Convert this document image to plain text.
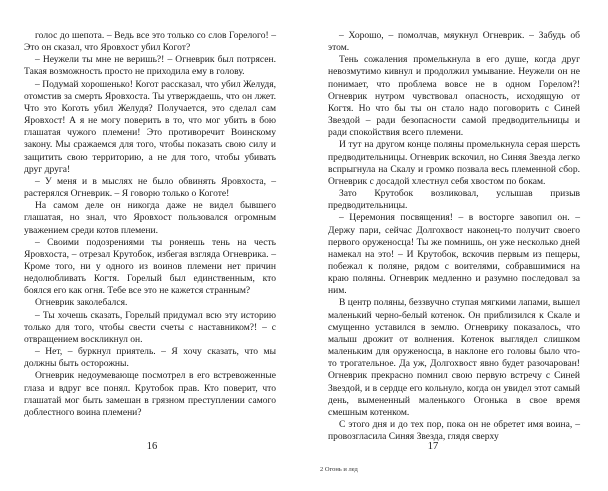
голос до шепота. – Ведь все это только со слов Горелого! – Это он сказал, что Яровхост убил Когот?

– Неужели ты мне не веришь?! – Огневрик был потрясен. Такая возможность просто не приходила ему в голову.

– Подумай хорошенько! Когот рассказал, что убил Желудя, отомстив за смерть Яровхоста. Ты утверждаешь, что он лжет. Что это Коготь убил Желудя? Получается, это сделал сам Яровхост! А я не могу поверить в то, что мог убить в бою глашатая чужого племени! Это противоречит Воинскому закону. Мы сражаемся для того, чтобы показать свою силу и защитить свою территорию, а не для того, чтобы убивать друг друга!

– У меня и в мыслях не было обвинять Яровхоста, – растерялся Огневрик. – Я говорю только о Коготе!

На самом деле он никогда даже не видел бывшего глашатая, но знал, что Яровхост пользовался огромным уважением среди котов племени.

– Своими подозрениями ты роняешь тень на честь Яровхоста, – отрезал Крутобок, избегая взгляда Огневрика. – Кроме того, ни у одного из воинов племени нет причин недолюбливать Когтя. Горелый был единственным, кто боялся его как огня. Тебе все это не кажется странным?

Огневрик заколебался.

– Ты хочешь сказать, Горелый придумал всю эту историю только для того, чтобы свести счеты с наставником?! – с отвращением воскликнул он.

– Нет, – буркнул приятель. – Я хочу сказать, что мы должны быть осторожны.

Огневрик недоумевающе посмотрел в его встревоженные глаза и вдруг все понял. Крутобок прав. Кто поверит, что глашатай мог быть замешан в грязном преступлении самого доблестного воина племени?

16

– Хорошо, – помолчав, мяукнул Огневрик. – Забудь об этом.

Тень сожаления промелькнула в его душе, когда друг невозмутимо кивнул и продолжил умывание. Неужели он не понимает, что проблема вовсе не в одном Горелом?! Огневрик нутром чувствовал опасность, исходящую от Когтя. Но что бы ты он стало надо поговорить с Синей Звездой – ради безопасности самой предводительницы и ради спокойствия всего племени.

И тут на другом конце поляны промелькнула серая шерсть предводительницы. Огневрик вскочил, но Синяя Звезда легко вспрыгнула на Скалу и громко позвала весь племенной сбор. Огневрик с досадой хлестнул себя хвостом по бокам.

Зато Крутобок возликовал, услышав призыв предводительницы.

– Церемония посвящения! – в восторге завопил он. – Держу пари, сейчас Долгохвост наконец-то получит своего первого оруженосца! Ты же помнишь, он уже несколько дней намекал на это! – И Крутобок, вскочив первым из пещеры, побежал к поляне, рядом с воителями, собравшимися на краю поляны. Огневрик медленно и разумно последовал за ним.

В центр поляны, беззвучно ступая мягкими лапами, вышел маленький черно-белый котенок. Он приблизился к Скале и смущенно уставился в землю. Огневрику показалось, что малыш дрожит от волнения. Котенок выглядел слишком маленьким для оруженосца, в наклоне его головы было что-то трогательное. Да уж, Долгохвост явно будет разочарован! Огневрик прекрасно помнил свою первую встречу с Синей Звездой, и в сердце его кольнуло, когда он увидел этот самый день, вымененный маленького Огонька в свое время смешным котенком.

С этого дня и до тех пор, пока он не обретет имя воина, – провозгласила Синяя Звезда, глядя сверху

17
2 Огонь и лед
